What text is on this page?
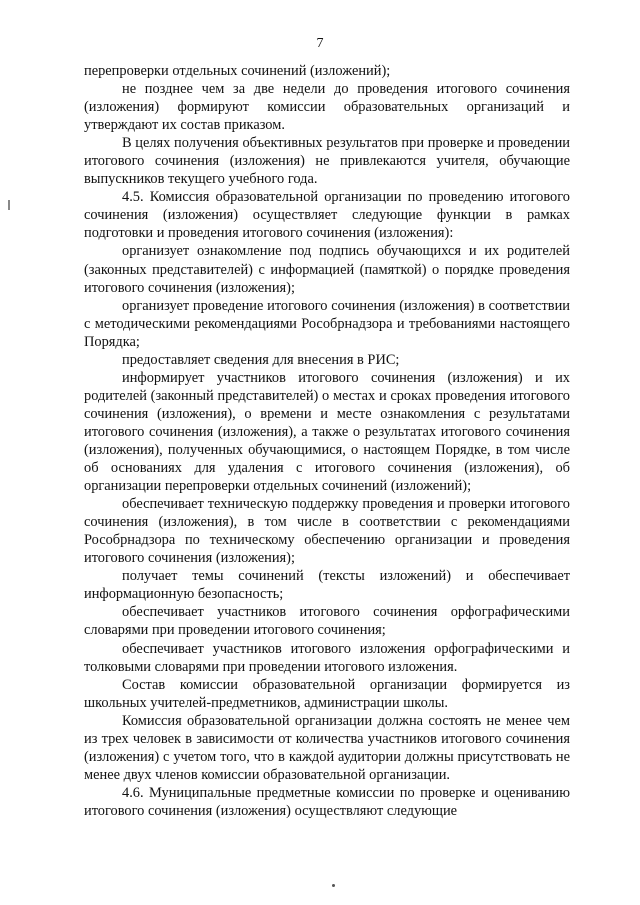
7

перепроверки отдельных сочинений (изложений);

не позднее чем за две недели до проведения итогового сочинения (изложения) формируют комиссии образовательных организаций и утверждают их состав приказом.

В целях получения объективных результатов при проверке и проведении итогового сочинения (изложения) не привлекаются учителя, обучающие выпускников текущего учебного года.

4.5. Комиссия образовательной организации по проведению итогового сочинения (изложения) осуществляет следующие функции в рамках подготовки и проведения итогового сочинения (изложения):

организует ознакомление под подпись обучающихся и их родителей (законных представителей) с информацией (памяткой) о порядке проведения итогового сочинения (изложения);

организует проведение итогового сочинения (изложения) в соответствии с методическими рекомендациями Рособрнадзора и требованиями настоящего Порядка;

предоставляет сведения для внесения в РИС;

информирует участников итогового сочинения (изложения) и их родителей (законный представителей) о местах и сроках проведения итогового сочинения (изложения), о времени и месте ознакомления с результатами итогового сочинения (изложения), а также о результатах итогового сочинения (изложения), полученных обучающимися, о настоящем Порядке, в том числе об основаниях для удаления с итогового сочинения (изложения), об организации перепроверки отдельных сочинений (изложений);

обеспечивает техническую поддержку проведения и проверки итогового сочинения (изложения), в том числе в соответствии с рекомендациями Рособрнадзора по техническому обеспечению организации и проведения итогового сочинения (изложения);

получает темы сочинений (тексты изложений) и обеспечивает информационную безопасность;

обеспечивает участников итогового сочинения орфографическими словарями при проведении итогового сочинения;

обеспечивает участников итогового изложения орфографическими и толковыми словарями при проведении итогового изложения.

Состав комиссии образовательной организации формируется из школьных учителей-предметников, администрации школы.

Комиссия образовательной организации должна состоять не менее чем из трех человек в зависимости от количества участников итогового сочинения (изложения) с учетом того, что в каждой аудитории должны присутствовать не менее двух членов комиссии образовательной организации.

4.6. Муниципальные предметные комиссии по проверке и оцениванию итогового сочинения (изложения) осуществляют следующие
